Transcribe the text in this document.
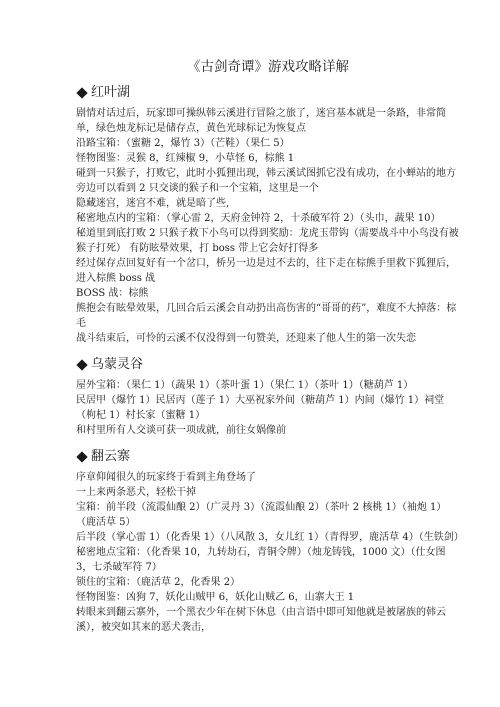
《古剑奇谭》游戏攻略详解
红叶湖

剧情对话过后，玩家即可操纵韩云溪进行冒险之旅了，迷宫基本就是一条路，非常简单，绿色烛龙标记是储存点，黄色光球标记为恢复点

沿路宝箱：（蜜糖 2，爆竹 3）（芒鞋）（果仁 5）

怪物图鉴：灵猴 8，红辣椒 9，小草怪 6，棕熊 1

碰到一只猴子，打败它，此时小狐狸出现，韩云溪试图抓它没有成功，在小蝉站的地方旁边可以看到 2 只交谈的猴子和一个宝箱，这里是一个

隐藏迷宫，迷宫不难，就是暗了些,

秘密地点内的宝箱：（掌心雷 2，天府金钟符 2，十杀破军符 2）（头巾，蔬果 10）

秘道里到底打败 2 只猴子救下小鸟可以得到奖励：龙虎玉带钩（需要战斗中小鸟没有被猴子打死） 有防眩晕效果，打 boss 带上它会好打得多

经过保存点回复好有一个岔口，桥另一边是过不去的，往下走在棕熊手里救下狐狸后，进入棕熊 boss 战

BOSS 战：棕熊

熊抱会有眩晕效果，几回合后云溪会自动扔出高伤害的“哥哥的药”，难度不大掉落：棕毛

战斗结束后，可怜的云溪不仅没得到一句赞美，还迎来了他人生的第一次失恋

乌蒙灵谷

屋外宝箱：（果仁 1）（蔬果 1）（茶叶蛋 1）（果仁 1）（茶叶 1）（糖葫芦 1）

民居甲（爆竹 1）民居丙（莲子 1）大巫祝家外间（糖葫芦 1）内间（爆竹 1）祠堂（枸杞 1）村长家（蜜糖 1）

和村里所有人交谈可获一项成就，前往女娲像前

翻云寨

序章仰闻很久的玩家终于看到主角登场了

一上来两条恶犬，轻松干掉

宝箱：前半段（流霞仙酿 2）（广灵丹 3）（流霞仙酿 2）（茶叶 2 核桃 1）（袖炮 1）（鹿活草 5）

后半段（掌心雷 1）（化香果 1）（八风散 3，女儿红 1）（青得罗，鹿活草 4）（生铁剑）

秘密地点宝箱：（化香果 10，九转劫石，青铜令牌）（烛龙铸钱，1000 文）（仕女图 3，七杀破军符 7）

锁住的宝箱：（鹿活草 2，化香果 2）

怪物图鉴：凶狗 7，妖化山贼甲 6，妖化山贼乙 6，山寨大王 1

转眼来到翻云寨外，一个黑衣少年在树下休息（由言语中即可知他就是被屠族的韩云溪），被突如其来的恶犬袭击，
